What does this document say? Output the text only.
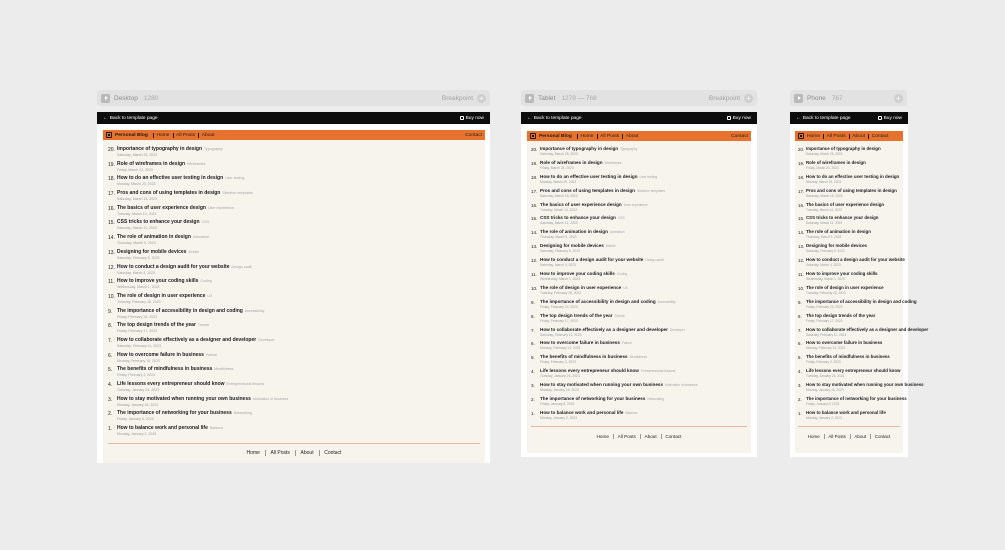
Desktop 1280	Breakpoint +
← Back to template page	Buy now
Personal Blog Home All Posts About	Contact
20. Importance of typography in design Typography
Saturday, March 25, 2023
19. Role of wireframes in design Wireframes
Friday, March 24, 2023
18. How to do an effective user testing in design User testing
Monday, March 20, 2023
17. Pros and cons of using templates in design Skeleton templates
Saturday, March 18, 2023
16. The basics of user experience design User experience
Tuesday, March 14, 2023
15. CSS tricks to enhance your design CSS
Saturday, March 11, 2023
14. The role of animation in design Animation
Thursday, March 9, 2023
13. Designing for mobile devices Mobile
Saturday, February 5, 2023
12. How to conduct a design audit for your website Design audit
Saturday, March 4, 2023
11. How to improve your coding skills Coding
Wednesday, March 1, 2023
10. The role of design in user experience UX
Tuesday, February 28, 2023
9. The importance of accessibility in design and coding Accessibility
Friday, February 24, 2023
8. The top design trends of the year Trends
Friday, February 17, 2023
7. How to collaborate effectively as a designer and developer Developer
Saturday, February 11, 2023
6. How to overcome failure in business Failure
Monday, February 13, 2023
5. The benefits of mindfulness in business Mindfulness
Friday, February 3, 2023
4. Life lessons every entrepreneur should know Entrepreneurial lessons
Tuesday, January 24, 2023
3. How to stay motivated when running your own business Motivation in business
Monday, January 16, 2023
2. The importance of networking for your business Networking
Friday, January 6, 2023
1. How to balance work and personal life Balance
Monday, January 2, 2023
Home All Posts About Contact
Tablet 1279 — 768	Breakpoint +
← Back to template page	Buy now
Personal Blog Home All Posts About	Contact
20. Importance of typography in design Typography
Saturday, March 25, 2023
19. Role of wireframes in design Wireframes
Friday, March 24, 2023
18. How to do an effective user testing in design User testing
Monday, March 20, 2023
17. Pros and cons of using templates in design Skeleton templates
Saturday, March 18, 2023
16. The basics of user experience design User experience
Tuesday, March 14, 2023
15. CSS tricks to enhance your design CSS
Saturday, March 11, 2023
14. The role of animation in design Animation
Thursday, March 9, 2023
13. Designing for mobile devices Mobile
Saturday, February 5, 2023
12. How to conduct a design audit for your website Design audit
Saturday, March 4, 2023
11. How to improve your coding skills Coding
Wednesday, March 1, 2023
10. The role of design in user experience UX
Tuesday, February 28, 2023
9.	The importance of accessibility in design and coding Accessibility
Friday, February 24, 2023
8.	The top design trends of the year Trends
Friday, February 17, 2023
7.	How to collaborate effectively as a designer and developer Developer
Saturday, February 11, 2023
6.	How to overcome failure in business Failure
Monday, February 13, 2023
5.	The benefits of mindfulness in business Mindfulness
Friday, February 3, 2023
4.	Life lessons every entrepreneur should know Entrepreneurial lessons
Tuesday, January 24, 2023
3.	How to stay motivated when running your own business Motivation in business
Monday, January 16, 2023
2.	The importance of networking for your business Networking
Friday, January 6, 2023
1.	How to balance work and personal life Balance
Monday, January 2, 2023
Home All Posts About Contact
Phone 767	+
← Back to template page	Buy now
Home All Posts About Contact
20. Importance of typography in design
Saturday, March 25, 2023
19. Role of wireframes in design
Friday, March 24, 2023
18. How to do an effective user testing in design
Monday, March 20, 2023
17. Pros and cons of using templates in design
Saturday, March 18, 2023
16. The basics of user experience design
Tuesday, March 14, 2023
15. CSS tricks to enhance your design
Saturday, March 11, 2023
14. The role of animation in design
Thursday, March 9, 2023
13. Designing for mobile devices
Saturday, February 5, 2023
12. How to conduct a design audit for your website
Saturday, March 4, 2023
11. How to improve your coding skills
Wednesday, March 1, 2023
10. The role of design in user experience
Tuesday, February 28, 2023
9. The importance of accessibility in design and coding
Friday, February 24, 2023
8. The top design trends of the year
Friday, February 17, 2023
7. How to collaborate effectively as a designer and developer
Saturday, February 11, 2023
6. How to overcome failure in business
Monday, February 13, 2023
5. The benefits of mindfulness in business
Friday, February 3, 2023
4. Life lessons every entrepreneur should know
Tuesday, January 24, 2023
3. How to stay motivated when running your own business
Monday, January 16, 2023
2. The importance of networking for your business
Friday, January 6, 2023
1. How to balance work and personal life
Monday, January 2, 2023
Home All Posts About Contact
